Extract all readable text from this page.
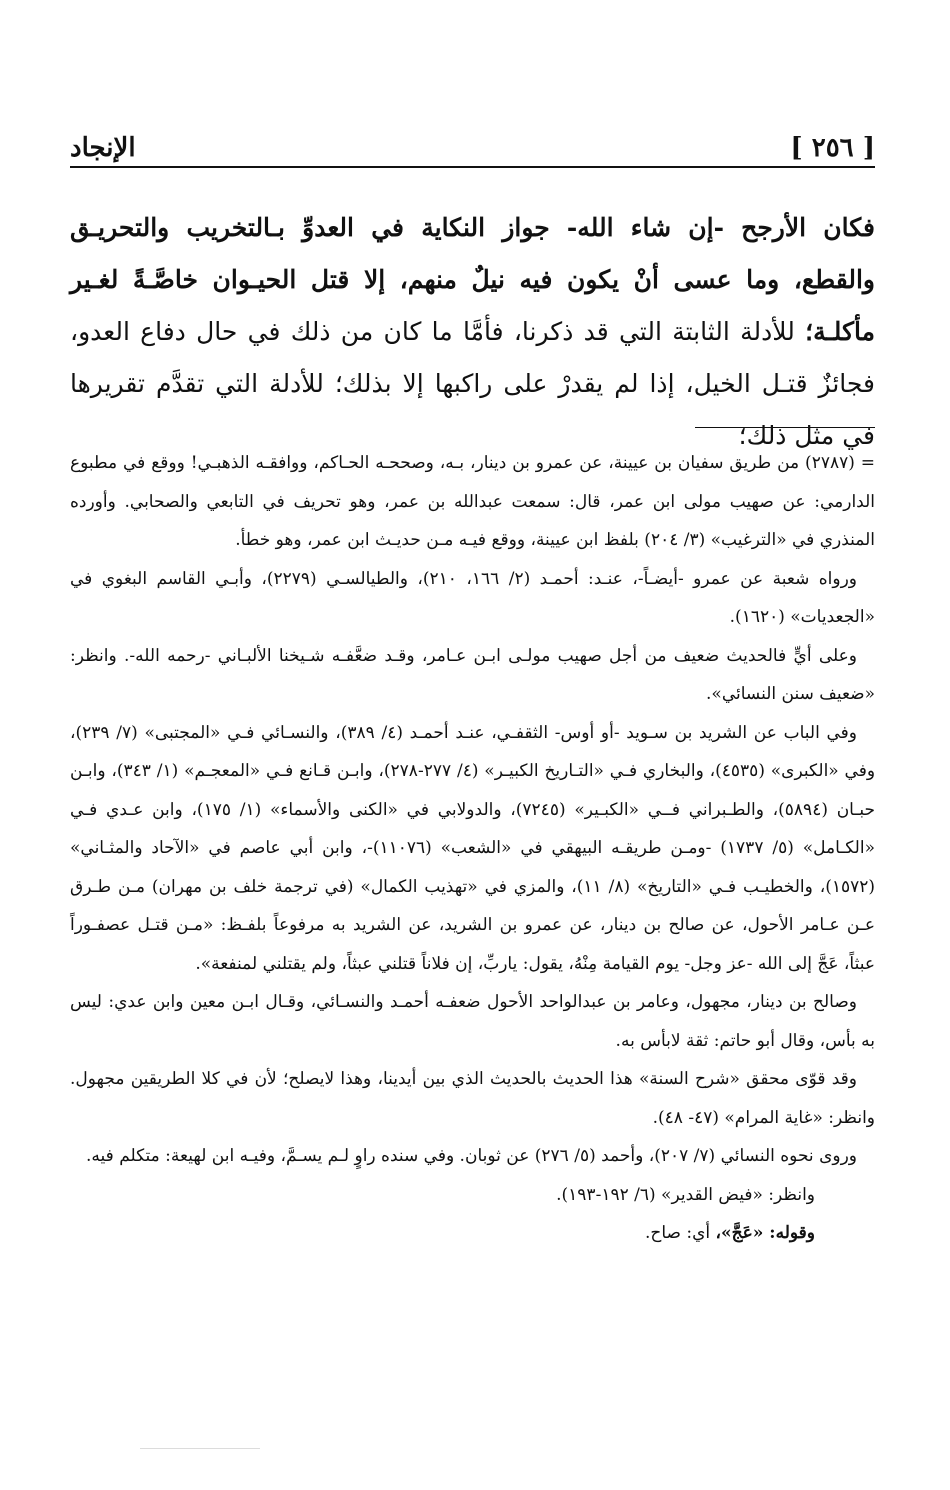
[ ٢٥٦ ]
الإنجاد
فكان الأرجح -إن شاء الله- جواز النكاية في العدوِّ بـالتخريب والتحريـق والقطع، وما عسى أنْ يكون فيه نيلٌ منهم، إلا قتل الحيـوان خاصَّـةً لغـير مأكلـة؛ للأدلة الثابتة التي قد ذكرنا، فأمَّا ما كان من ذلك في حال دفاع العدو، فجائزٌ قتـل الخيل، إذا لم يقدرْ على راكبها إلا بذلك؛ للأدلة التي تقدَّم تقريرها في مثل ذلك؛

= (٢٧٨٧) من طريق سفيان بن عيينة، عن عمرو بن دينار، بـه، وصححـه الحـاكم، ووافقـه الذهبـي! ووقع في مطبوع الدارمي: عن صهيب مولى ابن عمر، قال: سمعت عبدالله بن عمر، وهو تحريف في التابعي والصحابي. وأورده المنذري في «الترغيب» (٣/ ٢٠٤) بلفظ ابن عيينة، ووقع فيـه مـن حديـث ابن عمر، وهو خطأ.

ورواه شعبة عن عمرو -أيضـاً-، عنـد: أحمـد (٢/ ١٦٦، ٢١٠)، والطيالسـي (٢٢٧٩)، وأبـي القاسم البغوي في «الجعديات» (١٦٢٠).

وعلى أيٍّ فالحديث ضعيف من أجل صهيب مولـى ابـن عـامر، وقـد ضعَّفـه شـيخنا الألبـاني -رحمه الله-. وانظر: «ضعيف سنن النسائي».

وفي الباب عن الشريد بن سـويد -أو أوس- الثقفـي، عنـد أحمـد (٤/ ٣٨٩)، والنسـائي فـي «المجتبى» (٧/ ٢٣٩)، وفي «الكبرى» (٤٥٣٥)، والبخاري فـي «التـاريخ الكبيـر» (٤/ ٢٧٧-٢٧٨)، وابـن قـانع فـي «المعجـم» (١/ ٣٤٣)، وابـن حبـان (٥٨٩٤)، والطـبراني فــي «الكبـير» (٧٢٤٥)، والدولابي في «الكنى والأسماء» (١/ ١٧٥)، وابن عـدي فـي «الكـامل» (٥/ ١٧٣٧) -ومـن طريقـه البيهقي في «الشعب» (١١٠٧٦)-، وابن أبي عاصم في «الآحاد والمثـاني» (١٥٧٢)، والخطيـب فـي «التاريخ» (٨/ ١١)، والمزي في «تهذيب الكمال» (في ترجمة خلف بن مهران) مـن طـرق عـن عـامر الأحول، عن صالح بن دينار، عن عمرو بن الشريد، عن الشريد به مرفوعاً بلفـظ: «مـن قتـل عصفـوراً عبثاً، عَجَّ إلى الله -عز وجل- يوم القيامة مِنْهُ، يقول: ياربِّ، إن فلاناً قتلني عبثاً، ولم يقتلني لمنفعة».

وصالح بن دينار، مجهول، وعامر بن عبدالواحد الأحول ضعفـه أحمـد والنسـائي، وقـال ابـن معين وابن عدي: ليس به بأس، وقال أبو حاتم: ثقة لابأس به.

وقد قوّى محقق «شرح السنة» هذا الحديث بالحديث الذي بين أيدينا، وهذا لايصلح؛ لأن في كلا الطريقين مجهول. وانظر: «غاية المرام» (٤٧- ٤٨).

وروى نحوه النسائي (٧/ ٢٠٧)، وأحمد (٥/ ٢٧٦) عن ثوبان. وفي سنده راوٍ لـم يسـمَّ، وفيـه ابن لهيعة: متكلم فيه.

وانظر: «فيض القدير» (٦/ ١٩٢-١٩٣).

وقوله: «عَجَّ»، أي: صاح.
